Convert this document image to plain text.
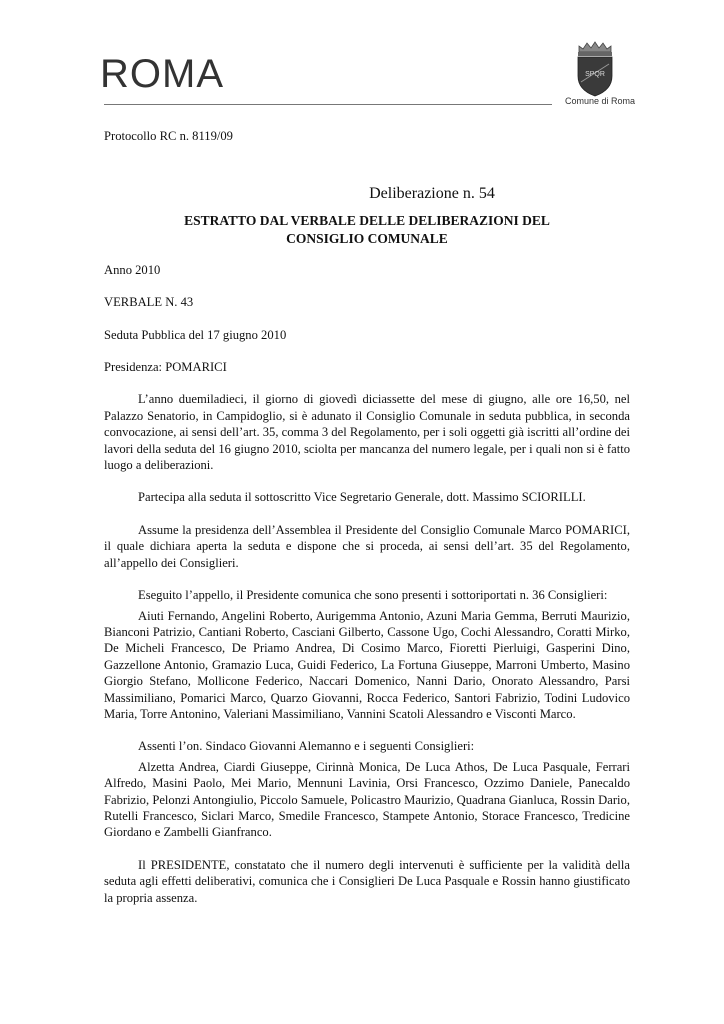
ROMA	SPQR
Comune di Roma

Protocollo RC n. 8119/09

Deliberazione n. 54

ESTRATTO DAL VERBALE DELLE DELIBERAZIONI DEL
CONSIGLIO COMUNALE

Anno 2010

VERBALE N. 43

Seduta Pubblica del 17 giugno 2010

Presidenza: POMARICI

L’anno duemiladieci, il giorno di giovedì diciassette del mese di giugno, alle ore 16,50, nel Palazzo Senatorio, in Campidoglio, si è adunato il Consiglio Comunale in seduta pubblica, in seconda convocazione, ai sensi dell’art. 35, comma 3 del Regolamento, per i soli oggetti già iscritti all’ordine dei lavori della seduta del 16 giugno 2010, sciolta per mancanza del numero legale, per i quali non si è fatto luogo a deliberazioni.

Partecipa alla seduta il sottoscritto Vice Segretario Generale, dott. Massimo SCIORILLI.

Assume la presidenza dell’Assemblea il Presidente del Consiglio Comunale Marco POMARICI, il quale dichiara aperta la seduta e dispone che si proceda, ai sensi dell’art. 35 del Regolamento, all’appello dei Consiglieri.

Eseguito l’appello, il Presidente comunica che sono presenti i sottoriportati n. 36 Consiglieri:

Aiuti Fernando, Angelini Roberto, Aurigemma Antonio, Azuni Maria Gemma, Berruti Maurizio, Bianconi Patrizio, Cantiani Roberto, Casciani Gilberto, Cassone Ugo, Cochi Alessandro, Coratti Mirko, De Micheli Francesco, De Priamo Andrea, Di Cosimo Marco, Fioretti Pierluigi, Gasperini Dino, Gazzellone Antonio, Gramazio Luca, Guidi Federico, La Fortuna Giuseppe, Marroni Umberto, Masino Giorgio Stefano, Mollicone Federico, Naccari Domenico, Nanni Dario, Onorato Alessandro, Parsi Massimiliano, Pomarici Marco, Quarzo Giovanni, Rocca Federico, Santori Fabrizio, Todini Ludovico Maria, Torre Antonino, Valeriani Massimiliano, Vannini Scatoli Alessandro e Visconti Marco.

Assenti l’on. Sindaco Giovanni Alemanno e i seguenti Consiglieri:

Alzetta Andrea, Ciardi Giuseppe, Cirinnà Monica, De Luca Athos, De Luca Pasquale, Ferrari Alfredo, Masini Paolo, Mei Mario, Mennuni Lavinia, Orsi Francesco, Ozzimo Daniele, Panecaldo Fabrizio, Pelonzi Antongiulio, Piccolo Samuele, Policastro Maurizio, Quadrana Gianluca, Rossin Dario, Rutelli Francesco, Siclari Marco, Smedile Francesco, Stampete Antonio, Storace Francesco, Tredicine Giordano e Zambelli Gianfranco.

Il PRESIDENTE, constatato che il numero degli intervenuti è sufficiente per la validità della seduta agli effetti deliberativi, comunica che i Consiglieri De Luca Pasquale e Rossin hanno giustificato la propria assenza.
